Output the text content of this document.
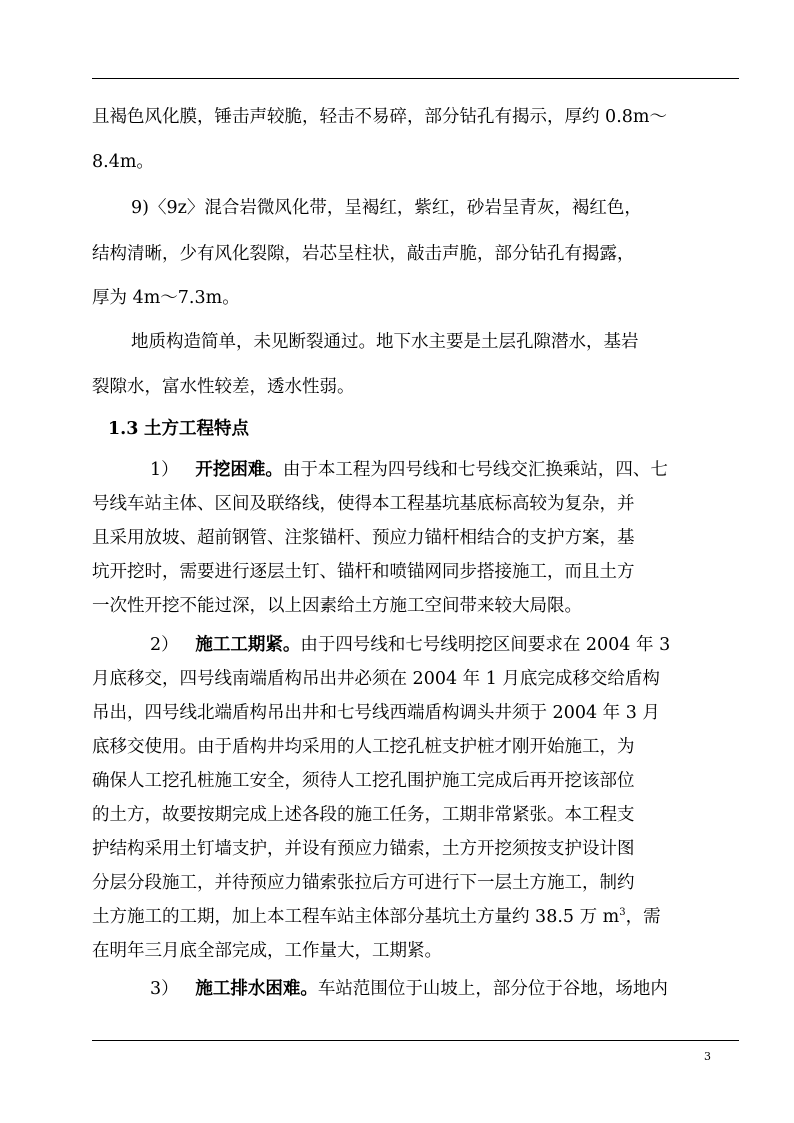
且褐色风化膜，锤击声较脆，轻击不易碎，部分钻孔有揭示，厚约 0.8m～
8.4m。
9)〈9z〉混合岩微风化带，呈褐红，紫红，砂岩呈青灰，褐红色，
结构清晰，少有风化裂隙，岩芯呈柱状，敲击声脆，部分钻孔有揭露，
厚为 4m～7.3m。
地质构造简单，未见断裂通过。地下水主要是土层孔隙潜水，基岩
裂隙水，富水性较差，透水性弱。
1.3 土方工程特点
1） 开挖困难。由于本工程为四号线和七号线交汇换乘站，四、七
号线车站主体、区间及联络线，使得本工程基坑基底标高较为复杂，并
且采用放坡、超前钢管、注浆锚杆、预应力锚杆相结合的支护方案，基
坑开挖时，需要进行逐层土钉、锚杆和喷锚网同步搭接施工，而且土方
一次性开挖不能过深，以上因素给土方施工空间带来较大局限。
2） 施工工期紧。由于四号线和七号线明挖区间要求在 2004 年 3
月底移交，四号线南端盾构吊出井必须在 2004 年 1 月底完成移交给盾构
吊出，四号线北端盾构吊出井和七号线西端盾构调头井须于 2004 年 3 月
底移交使用。由于盾构井均采用的人工挖孔桩支护桩才刚开始施工，为
确保人工挖孔桩施工安全，须待人工挖孔围护施工完成后再开挖该部位
的土方，故要按期完成上述各段的施工任务，工期非常紧张。本工程支
护结构采用土钉墙支护，并设有预应力锚索，土方开挖须按支护设计图
分层分段施工，并待预应力锚索张拉后方可进行下一层土方施工，制约
土方施工的工期，加上本工程车站主体部分基坑土方量约 38.5 万 $m^3$，需
在明年三月底全部完成，工作量大，工期紧。
3） 施工排水困难。车站范围位于山坡上，部分位于谷地，场地内
3
